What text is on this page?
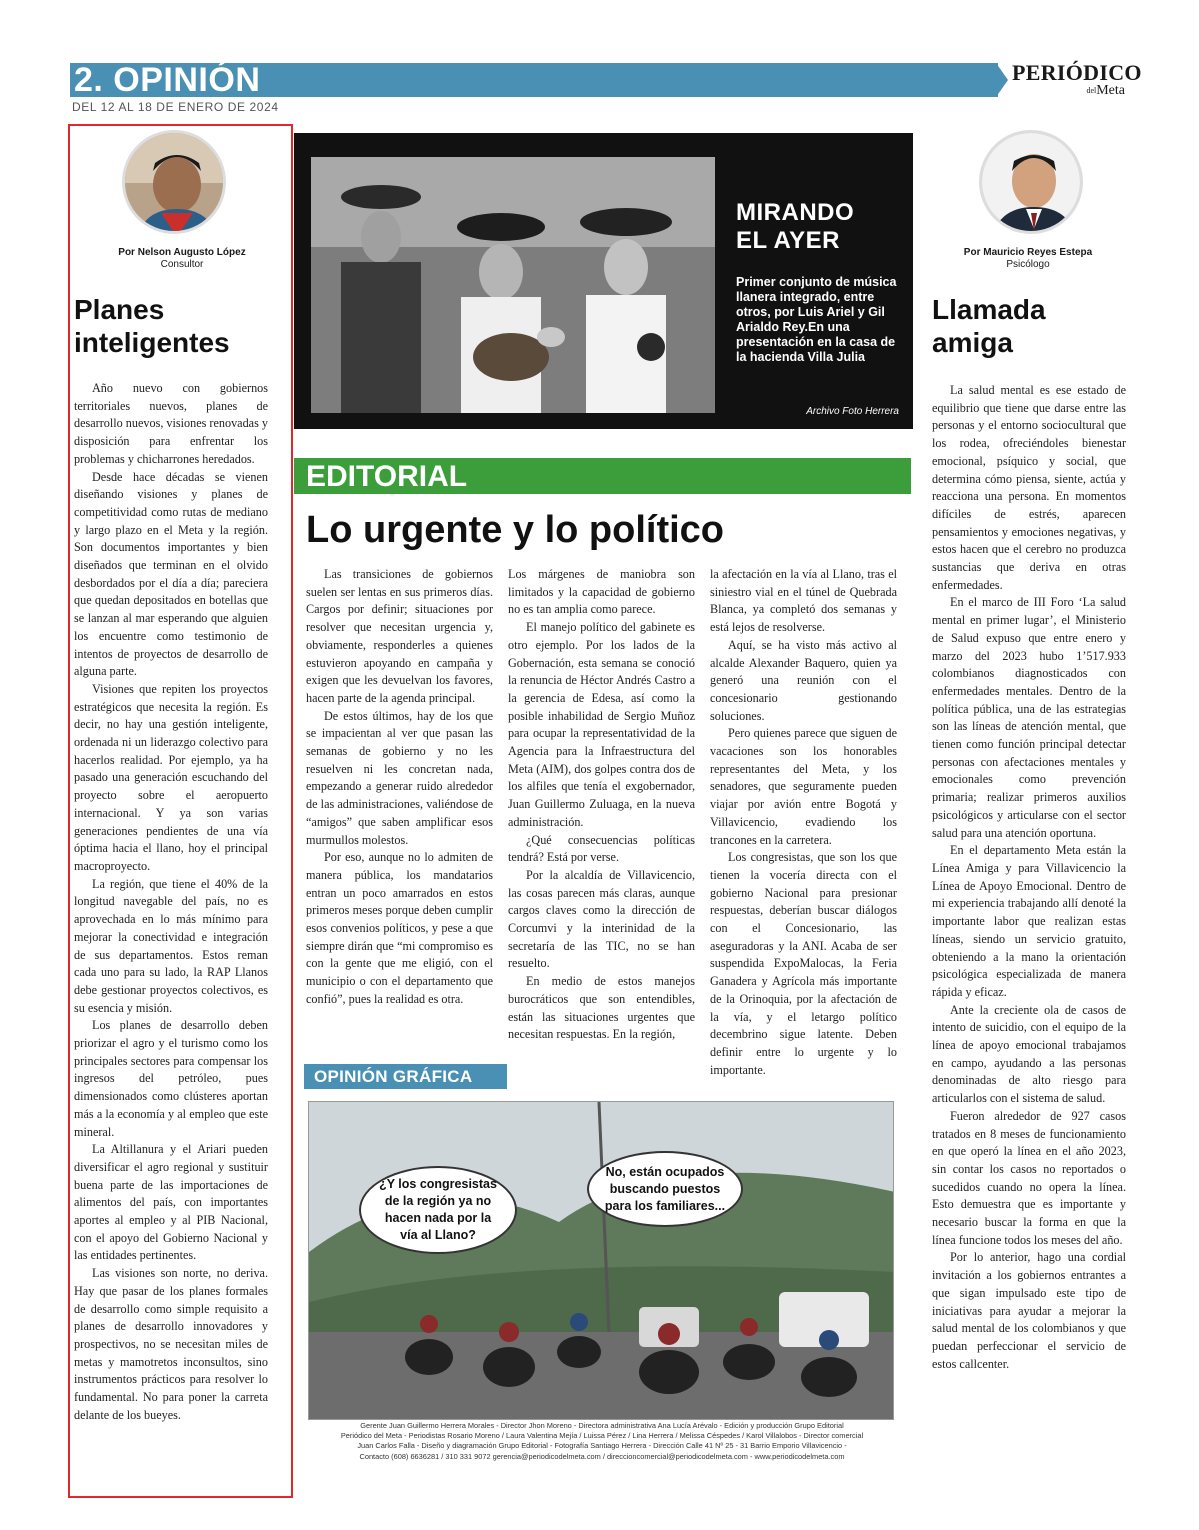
2. OPINIÓN
DEL 12 AL 18 DE ENERO DE 2024
PERIÓDICO
$^{del}$Meta
Por Nelson Augusto López
Consultor
Planes
inteligentes

Año nuevo con gobiernos territoriales nuevos, planes de desarrollo nuevos, visiones renovadas y disposición para enfrentar los problemas y chicharrones heredados.

Desde hace décadas se vienen diseñando visiones y planes de competitividad como rutas de mediano y largo plazo en el Meta y la región. Son documentos importantes y bien diseñados que terminan en el olvido desbordados por el día a día; pareciera que quedan depositados en botellas que se lanzan al mar esperando que alguien los encuentre como testimonio de intentos de proyectos de desarrollo de alguna parte.

Visiones que repiten los proyectos estratégicos que necesita la región. Es decir, no hay una gestión inteligente, ordenada ni un liderazgo colectivo para hacerlos realidad. Por ejemplo, ya ha pasado una generación escuchando del proyecto sobre el aeropuerto internacional. Y ya son varias generaciones pendientes de una vía óptima hacia el llano, hoy el principal macroproyecto.

La región, que tiene el 40% de la longitud navegable del país, no es aprovechada en lo más mínimo para mejorar la conectividad e integración de sus departamentos. Estos reman cada uno para su lado, la RAP Llanos debe gestionar proyectos colectivos, es su esencia y misión.

Los planes de desarrollo deben priorizar el agro y el turismo como los principales sectores para compensar los ingresos del petróleo, pues dimensionados como clústeres aportan más a la economía y al empleo que este mineral.

La Altillanura y el Ariari pueden diversificar el agro regional y sustituir buena parte de las importaciones de alimentos del país, con importantes aportes al empleo y al PIB Nacional, con el apoyo del Gobierno Nacional y las entidades pertinentes.

Las visiones son norte, no deriva. Hay que pasar de los planes formales de desarrollo como simple requisito a planes de desarrollo innovadores y prospectivos, no se necesitan miles de metas y mamotretos inconsultos, sino instrumentos prácticos para resolver lo fundamental. No para poner la carreta delante de los bueyes.

MIRANDO
EL AYER
Primer conjunto de música llanera integrado, entre otros, por Luis Ariel y Gil Arialdo Rey.En una presentación en la casa de la hacienda Villa Julia
Archivo Foto Herrera
EDITORIAL
Lo urgente y lo político

Las transiciones de gobiernos suelen ser lentas en sus primeros días. Cargos por definir; situaciones por resolver que necesitan urgencia y, obviamente, responderles a quienes estuvieron apoyando en campaña y exigen que les devuelvan los favores, hacen parte de la agenda principal.

De estos últimos, hay de los que se impacientan al ver que pasan las semanas de gobierno y no les resuelven ni les concretan nada, empezando a generar ruido alrededor de las administraciones, valiéndose de “amigos” que saben amplificar esos murmullos molestos.

Por eso, aunque no lo admiten de manera pública, los mandatarios entran un poco amarrados en estos primeros meses porque deben cumplir esos convenios políticos, y pese a que siempre dirán que “mi compromiso es con la gente que me eligió, con el municipio o con el departamento que confió”, pues la realidad es otra.

Los márgenes de maniobra son limitados y la capacidad de gobierno no es tan amplia como parece.

El manejo político del gabinete es otro ejemplo. Por los lados de la Gobernación, esta semana se conoció la renuncia de Héctor Andrés Castro a la gerencia de Edesa, así como la posible inhabilidad de Sergio Muñoz para ocupar la representatividad de la Agencia para la Infraestructura del Meta (AIM), dos golpes contra dos de los alfiles que tenía el exgobernador, Juan Guillermo Zuluaga, en la nueva administración.

¿Qué consecuencias políticas tendrá? Está por verse.

Por la alcaldía de Villavicencio, las cosas parecen más claras, aunque cargos claves como la dirección de Corcumvi y la interinidad de la secretaría de las TIC, no se han resuelto.

En medio de estos manejos burocráticos que son entendibles, están las situaciones urgentes que necesitan respuestas. En la región,

la afectación en la vía al Llano, tras el siniestro vial en el túnel de Quebrada Blanca, ya completó dos semanas y está lejos de resolverse.

Aquí, se ha visto más activo al alcalde Alexander Baquero, quien ya generó una reunión con el concesionario gestionando soluciones.

Pero quienes parece que siguen de vacaciones son los honorables representantes del Meta, y los senadores, que seguramente pueden viajar por avión entre Bogotá y Villavicencio, evadiendo los trancones en la carretera.

Los congresistas, que son los que tienen la vocería directa con el gobierno Nacional para presionar respuestas, deberían buscar diálogos con el Concesionario, las aseguradoras y la ANI. Acaba de ser suspendida ExpoMalocas, la Feria Ganadera y Agrícola más importante de la Orinoquia, por la afectación de la vía, y el letargo político decembrino sigue latente. Deben definir entre lo urgente y lo importante.

OPINIÓN GRÁFICA
¿Y los congresistas de la región ya no hacen nada por la vía al Llano?
No, están ocupados buscando puestos para los familiares...
Gerente Juan Guillermo Herrera Morales - Director Jhon Moreno - Directora administrativa Ana Lucía Arévalo - Edición y producción Grupo Editorial
Periódico del Meta - Periodistas Rosario Moreno / Laura Valentina Mejía / Luissa Pérez / Lina Herrera / Melissa Céspedes / Karol Villalobos - Director comercial
Juan Carlos Falla - Diseño y diagramación Grupo Editorial - Fotografía Santiago Herrera - Dirección Calle 41 Nº 25 - 31 Barrio Emporio Villavicencio -
Contacto (608) 6636281 / 310 331 9072 gerencia@periodicodelmeta.com / direccioncomercial@periodicodelmeta.com - www.periodicodelmeta.com
Por Mauricio Reyes Estepa
Psicólogo
Llamada
amiga

La salud mental es ese estado de equilibrio que tiene que darse entre las personas y el entorno sociocultural que los rodea, ofreciéndoles bienestar emocional, psíquico y social, que determina cómo piensa, siente, actúa y reacciona una persona. En momentos difíciles de estrés, aparecen pensamientos y emociones negativas, y estos hacen que el cerebro no produzca sustancias que deriva en otras enfermedades.

En el marco de III Foro ‘La salud mental en primer lugar’, el Ministerio de Salud expuso que entre enero y marzo del 2023 hubo 1’517.933 colombianos diagnosticados con enfermedades mentales. Dentro de la política pública, una de las estrategias son las líneas de atención mental, que tienen como función principal detectar personas con afectaciones mentales y emocionales como prevención primaria; realizar primeros auxilios psicológicos y articularse con el sector salud para una atención oportuna.

En el departamento Meta están la Línea Amiga y para Villavicencio la Línea de Apoyo Emocional. Dentro de mi experiencia trabajando allí denoté la importante labor que realizan estas líneas, siendo un servicio gratuito, obteniendo a la mano la orientación psicológica especializada de manera rápida y eficaz.

Ante la creciente ola de casos de intento de suicidio, con el equipo de la línea de apoyo emocional trabajamos en campo, ayudando a las personas denominadas de alto riesgo para articularlos con el sistema de salud.

Fueron alrededor de 927 casos tratados en 8 meses de funcionamiento en que operó la línea en el año 2023, sin contar los casos no reportados o sucedidos cuando no opera la línea. Esto demuestra que es importante y necesario buscar la forma en que la línea funcione todos los meses del año.

Por lo anterior, hago una cordial invitación a los gobiernos entrantes a que sigan impulsado este tipo de iniciativas para ayudar a mejorar la salud mental de los colombianos y que puedan perfeccionar el servicio de estos callcenter.
